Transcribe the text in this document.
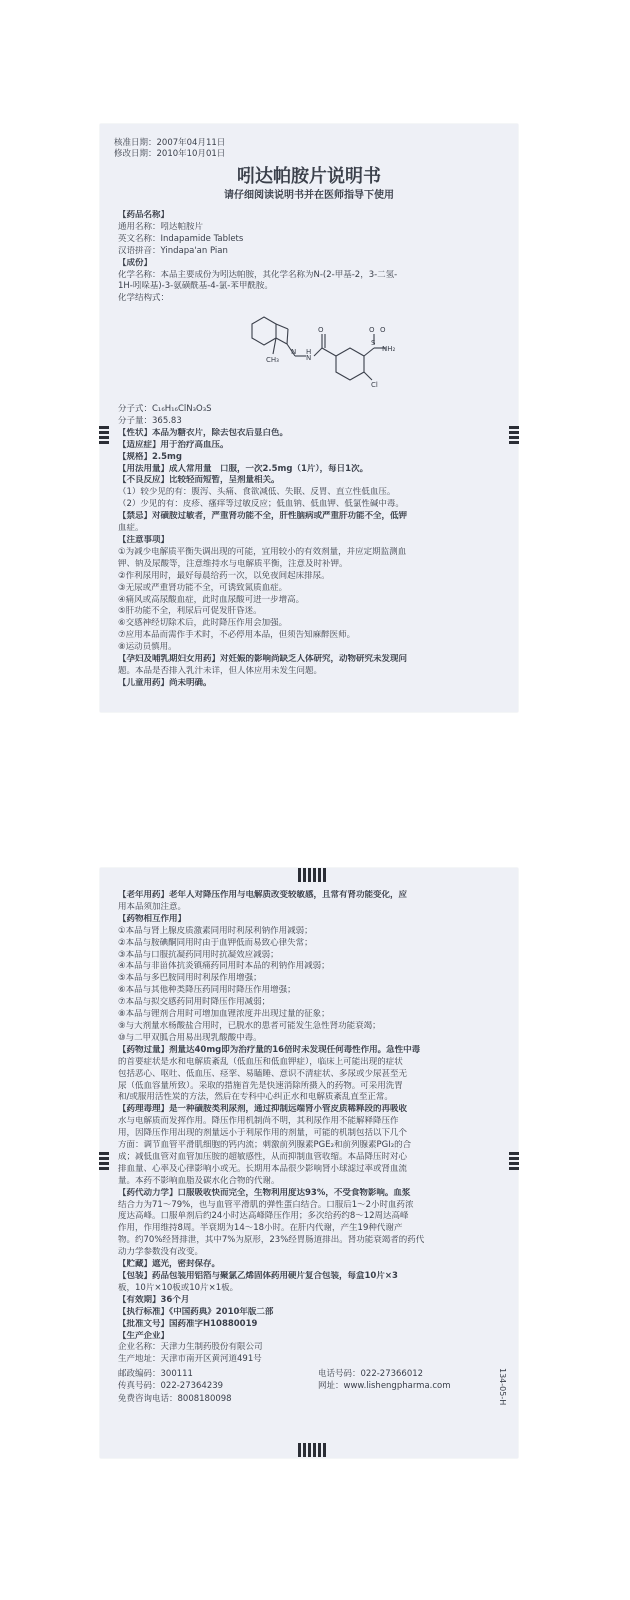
核准日期：2007年04月11日
修改日期：2010年10月01日
吲达帕胺片说明书
请仔细阅读说明书并在医师指导下使用
【药品名称】
通用名称：吲达帕胺片
英文名称：Indapamide Tablets
汉语拼音：Yindapa'an Pian
【成份】
化学名称：本品主要成份为吲达帕胺，其化学名称为N-(2-甲基-2，3-二氢-
1H-吲哚基)-3-氨磺酰基-4-氯-苯甲酰胺。
化学结构式：
O
H
N
N
S
O O
NH₂
Cl
CH₃
分子式：C₁₆H₁₆ClN₃O₃S
分子量：365.83
【性状】本品为糖衣片，除去包衣后显白色。
【适应症】用于治疗高血压。
【规格】2.5mg
【用法用量】成人常用量　口服，一次2.5mg（1片），每日1次。
【不良反应】比较轻而短暂，呈剂量相关。
（1）较少见的有：腹泻、头痛、食欲减低、失眠、反胃、直立性低血压。
（2）少见的有：皮疹、瘙痒等过敏反应；低血钠、低血钾、低氯性碱中毒。
【禁忌】对磺胺过敏者，严重肾功能不全，肝性脑病或严重肝功能不全，低钾
血症。
【注意事项】
①为减少电解质平衡失调出现的可能，宜用较小的有效剂量，并应定期监测血
钾、钠及尿酸等，注意维持水与电解质平衡，注意及时补钾。
②作利尿用时，最好每晨给药一次，以免夜间起床排尿。
③无尿或严重肾功能不全，可诱致氮质血症。
④痛风或高尿酸血症，此时血尿酸可进一步增高。
⑤肝功能不全，利尿后可促发肝昏迷。
⑥交感神经切除术后，此时降压作用会加强。
⑦应用本品而需作手术时，不必停用本品，但须告知麻醉医师。
⑧运动员慎用。
【孕妇及哺乳期妇女用药】对妊娠的影响尚缺乏人体研究，动物研究未发现问
题。本品是否排入乳汁未详，但人体应用未发生问题。
【儿童用药】尚未明确。
【老年用药】老年人对降压作用与电解质改变较敏感，且常有肾功能变化，应
用本品须加注意。
【药物相互作用】
①本品与肾上腺皮质激素同用时利尿利钠作用减弱；
②本品与胺碘酮同用时由于血钾低而易致心律失常；
③本品与口服抗凝药同用时抗凝效应减弱；
④本品与非甾体抗炎镇痛药同用时本品的利钠作用减弱；
⑤本品与多巴胺同用时利尿作用增强；
⑥本品与其他种类降压药同用时降压作用增强；
⑦本品与拟交感药同用时降压作用减弱；
⑧本品与锂剂合用时可增加血锂浓度并出现过量的征象；
⑨与大剂量水杨酸盐合用时，已脱水的患者可能发生急性肾功能衰竭；
⑩与二甲双胍合用易出现乳酸酸中毒。
【药物过量】剂量达40mg即为治疗量的16倍时未发现任何毒性作用。急性中毒
的首要症状是水和电解质紊乱（低血压和低血钾症），临床上可能出现的症状
包括恶心、呕吐、低血压、痉挛、易瞌睡、意识不清症状、多尿或少尿甚至无
尿（低血容量所致）。采取的措施首先是快速消除所摄入的药物。可采用洗胃
和/或服用活性炭的方法，然后在专科中心纠正水和电解质紊乱直至正常。
【药理毒理】是一种磺胺类利尿剂，通过抑制远端肾小管皮质稀释段的再吸收
水与电解质而发挥作用。降压作用机制尚不明，其利尿作用不能解释降压作
用，因降压作用出现的剂量远小于利尿作用的剂量，可能的机制包括以下几个
方面：调节血管平滑肌细胞的钙内流；刺激前列腺素PGE₂和前列腺素PGI₂的合
成；减低血管对血管加压胺的超敏感性，从而抑制血管收缩。本品降压时对心
排血量、心率及心律影响小或无。长期用本品很少影响肾小球滤过率或肾血流
量。本药不影响血脂及碳水化合物的代谢。
【药代动力学】口服吸收快而完全，生物利用度达93%，不受食物影响。血浆
结合力为71～79%，也与血管平滑肌的弹性蛋白结合。口服后1～2小时血药浓
度达高峰。口服单剂后约24小时达高峰降压作用；多次给药约8～12周达高峰
作用，作用维持8周。半衰期为14～18小时。在肝内代谢，产生19种代谢产
物。约70%经肾排泄，其中7%为原形，23%经胃肠道排出。肾功能衰竭者的药代
动力学参数没有改变。
【贮藏】遮光，密封保存。
【包装】药品包装用铝箔与聚氯乙烯固体药用硬片复合包装，每盒10片×3
板，10片×10板或10片×1板。
【有效期】36个月
【执行标准】《中国药典》2010年版二部
【批准文号】国药准字H10880019
【生产企业】
企业名称：天津力生制药股份有限公司
生产地址：天津市南开区黄河道491号
邮政编码：300111	电话号码：022-27366012
传真号码：022-27364239	网址：www.lishengpharma.com
免费咨询电话：8008180098	134-05-H
